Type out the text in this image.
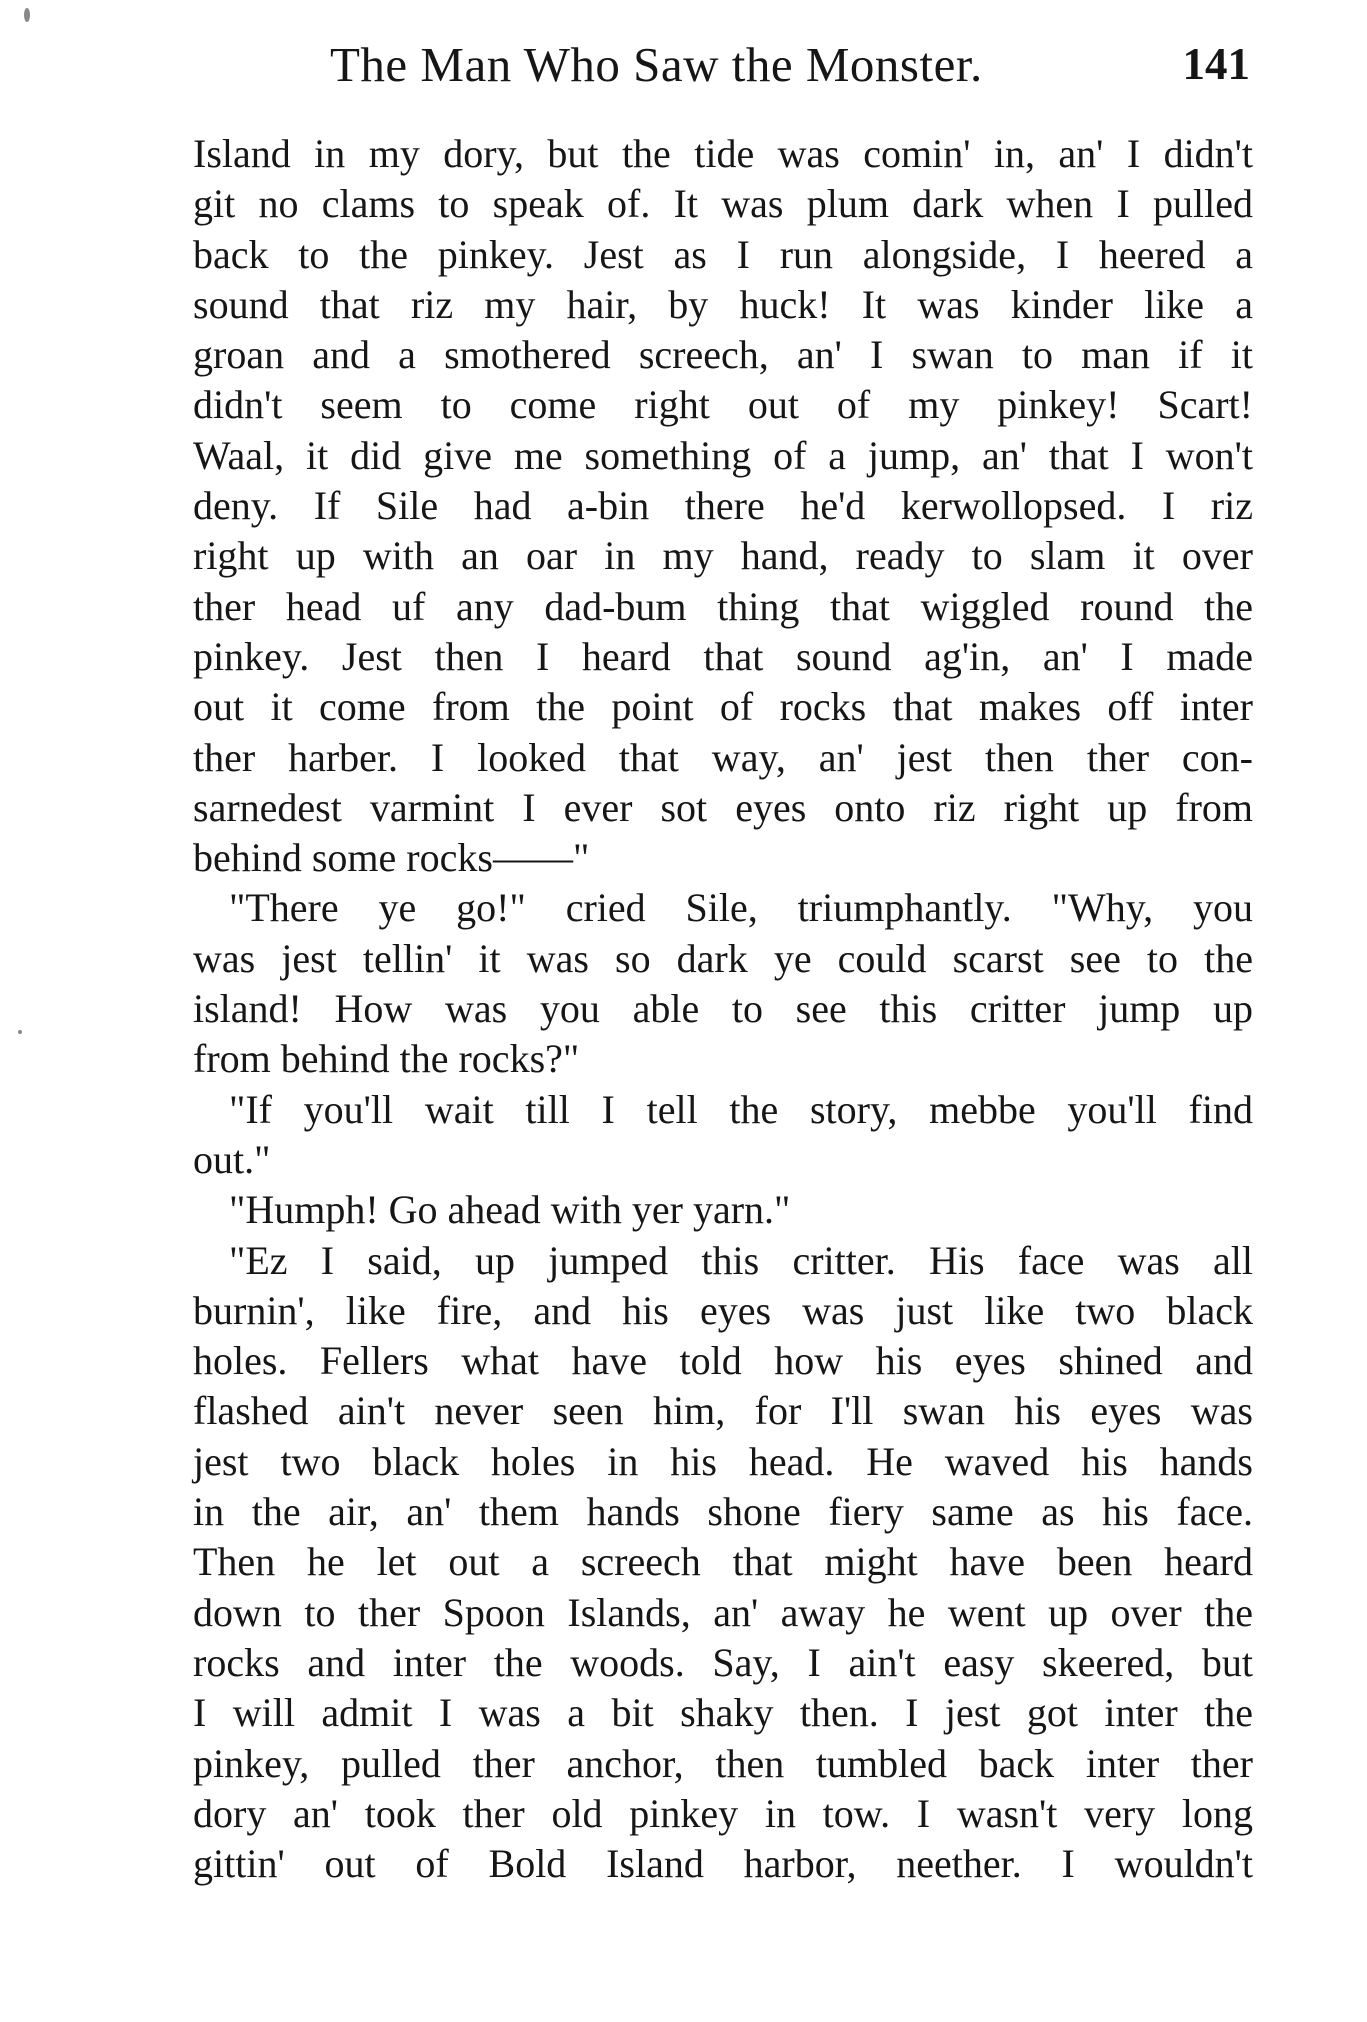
The Man Who Saw the Monster.	141
Island in my dory, but the tide was comin' in, an' I didn't
git no clams to speak of. It was plum dark when I pulled
back to the pinkey. Jest as I run alongside, I heered a
sound that riz my hair, by huck! It was kinder like a
groan and a smothered screech, an' I swan to man if it
didn't seem to come right out of my pinkey! Scart!
Waal, it did give me something of a jump, an' that I won't
deny. If Sile had a-bin there he'd kerwollopsed. I riz
right up with an oar in my hand, ready to slam it over
ther head uf any dad-bum thing that wiggled round the
pinkey. Jest then I heard that sound ag'in, an' I made
out it come from the point of rocks that makes off inter
ther harber. I looked that way, an' jest then ther con-
sarnedest varmint I ever sot eyes onto riz right up from
behind some rocks——"
"There ye go!" cried Sile, triumphantly. "Why, you
was jest tellin' it was so dark ye could scarst see to the
island! How was you able to see this critter jump up
from behind the rocks?"
"If you'll wait till I tell the story, mebbe you'll find
out."
"Humph! Go ahead with yer yarn."
"Ez I said, up jumped this critter. His face was all
burnin', like fire, and his eyes was just like two black
holes. Fellers what have told how his eyes shined and
flashed ain't never seen him, for I'll swan his eyes was
jest two black holes in his head. He waved his hands
in the air, an' them hands shone fiery same as his face.
Then he let out a screech that might have been heard
down to ther Spoon Islands, an' away he went up over the
rocks and inter the woods. Say, I ain't easy skeered, but
I will admit I was a bit shaky then. I jest got inter the
pinkey, pulled ther anchor, then tumbled back inter ther
dory an' took ther old pinkey in tow. I wasn't very long
gittin' out of Bold Island harbor, neether. I wouldn't
